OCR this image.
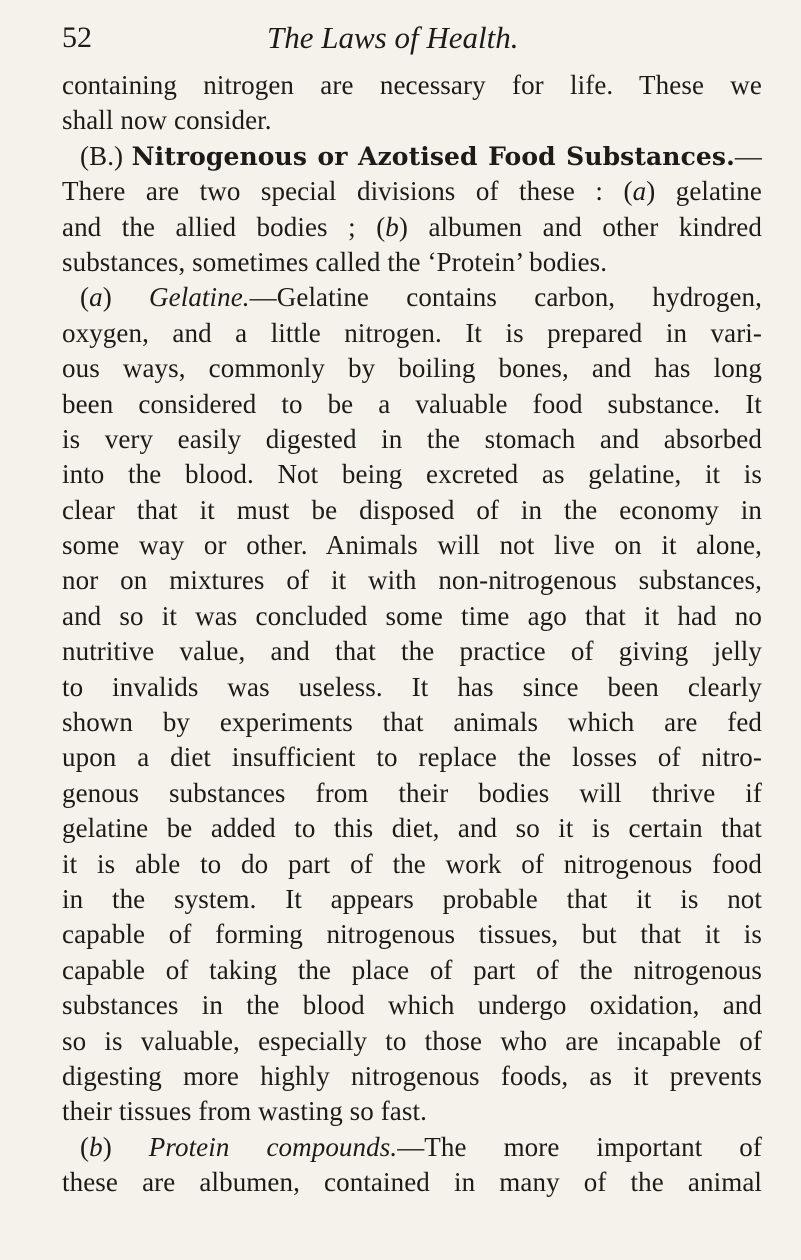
52	The Laws of Health.
containing nitrogen are necessary for life. These we
shall now consider.
(B.) Nitrogenous or Azotised Food Substances.—
There are two special divisions of these : (a) gelatine
and the allied bodies ; (b) albumen and other kindred
substances, sometimes called the ‘Protein’ bodies.
(a) Gelatine.—Gelatine contains carbon, hydrogen,
oxygen, and a little nitrogen. It is prepared in vari-
ous ways, commonly by boiling bones, and has long
been considered to be a valuable food substance. It
is very easily digested in the stomach and absorbed
into the blood. Not being excreted as gelatine, it is
clear that it must be disposed of in the economy in
some way or other. Animals will not live on it alone,
nor on mixtures of it with non-nitrogenous substances,
and so it was concluded some time ago that it had no
nutritive value, and that the practice of giving jelly
to invalids was useless. It has since been clearly
shown by experiments that animals which are fed
upon a diet insufficient to replace the losses of nitro-
genous substances from their bodies will thrive if
gelatine be added to this diet, and so it is certain that
it is able to do part of the work of nitrogenous food
in the system. It appears probable that it is not
capable of forming nitrogenous tissues, but that it is
capable of taking the place of part of the nitrogenous
substances in the blood which undergo oxidation, and
so is valuable, especially to those who are incapable of
digesting more highly nitrogenous foods, as it prevents
their tissues from wasting so fast.
(b) Protein compounds.—The more important of
these are albumen, contained in many of the animal
